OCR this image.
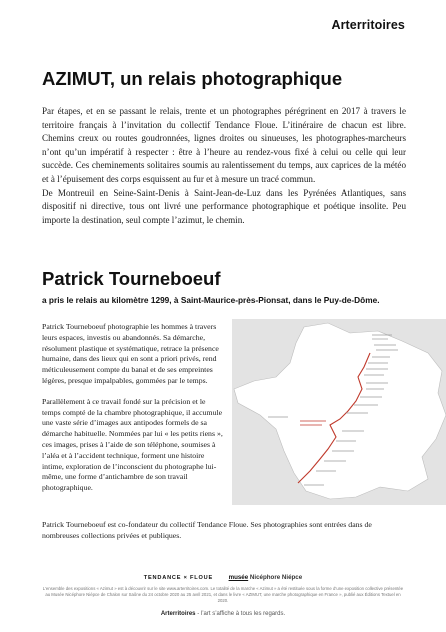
Arterritoires
AZIMUT, un relais photographique

Par étapes, et en se passant le relais, trente et un photographes pérégrinent en 2017 à travers le territoire français à l’invitation du collectif Tendance Floue. L’itinéraire de chacun est libre. Chemins creux ou routes goudronnées, lignes droites ou sinueuses, les photographes-marcheurs n’ont qu’un impératif à respecter : être à l’heure au rendez-vous fixé à celui ou celle qui leur succède. Ces cheminements solitaires soumis au ralentissement du temps, aux caprices de la météo et à l’épuisement des corps esquissent au fur et à mesure un tracé commun.

De Montreuil en Seine-Saint-Denis à Saint-Jean-de-Luz dans les Pyrénées Atlantiques, sans dispositif ni directive, tous ont livré une performance photographique et poétique insolite. Peu importe la destination, seul compte l’azimut, le chemin.

Patrick Tourneboeuf
a pris le relais au kilomètre 1299, à Saint-Maurice-près-Pionsat, dans le Puy-de-Dôme.

Patrick Tourneboeuf photographie les hommes à travers leurs espaces, investis ou abandonnés. Sa démarche, résolument plastique et systématique, retrace la présence humaine, dans des lieux qui en sont a priori privés, rend méticuleusement compte du banal et de ses empreintes légères, presque impalpables, gommées par le temps.

Parallèlement à ce travail fondé sur la précision et le temps compté de la chambre photographique, il accumule une vaste série d’images aux antipodes formels de sa démarche habituelle. Nommées par lui « les petits riens », ces images, prises à l’aide de son téléphone, soumises à l’aléa et à l’accident technique, forment une histoire intime, exploration de l’inconscient du photographe lui-même, une forme d’antichambre de son travail photographique.

Patrick Tourneboeuf est co-fondateur du collectif Tendance Floue. Ses photographies sont entrées dans de nombreuses collections privées et publiques.

TENDANCE × FLOUE	musée Nicéphore Niépce

L’ensemble des expositions « Azimut » est à découvrir sur le site www.arterritoires.com. Le totalité de la marche « Azimut » a été restituée sous la forme d’une exposition collective présentée au Musée Nicéphore Niépce de Chalon sur Saône du 24 octobre 2020 au 25 avril 2021, et dans le livre « AZIMUT, une marche photographique en France », publié aux Éditions Textuel en 2020.

Arterritoires - l’art s’affiche à tous les regards.
